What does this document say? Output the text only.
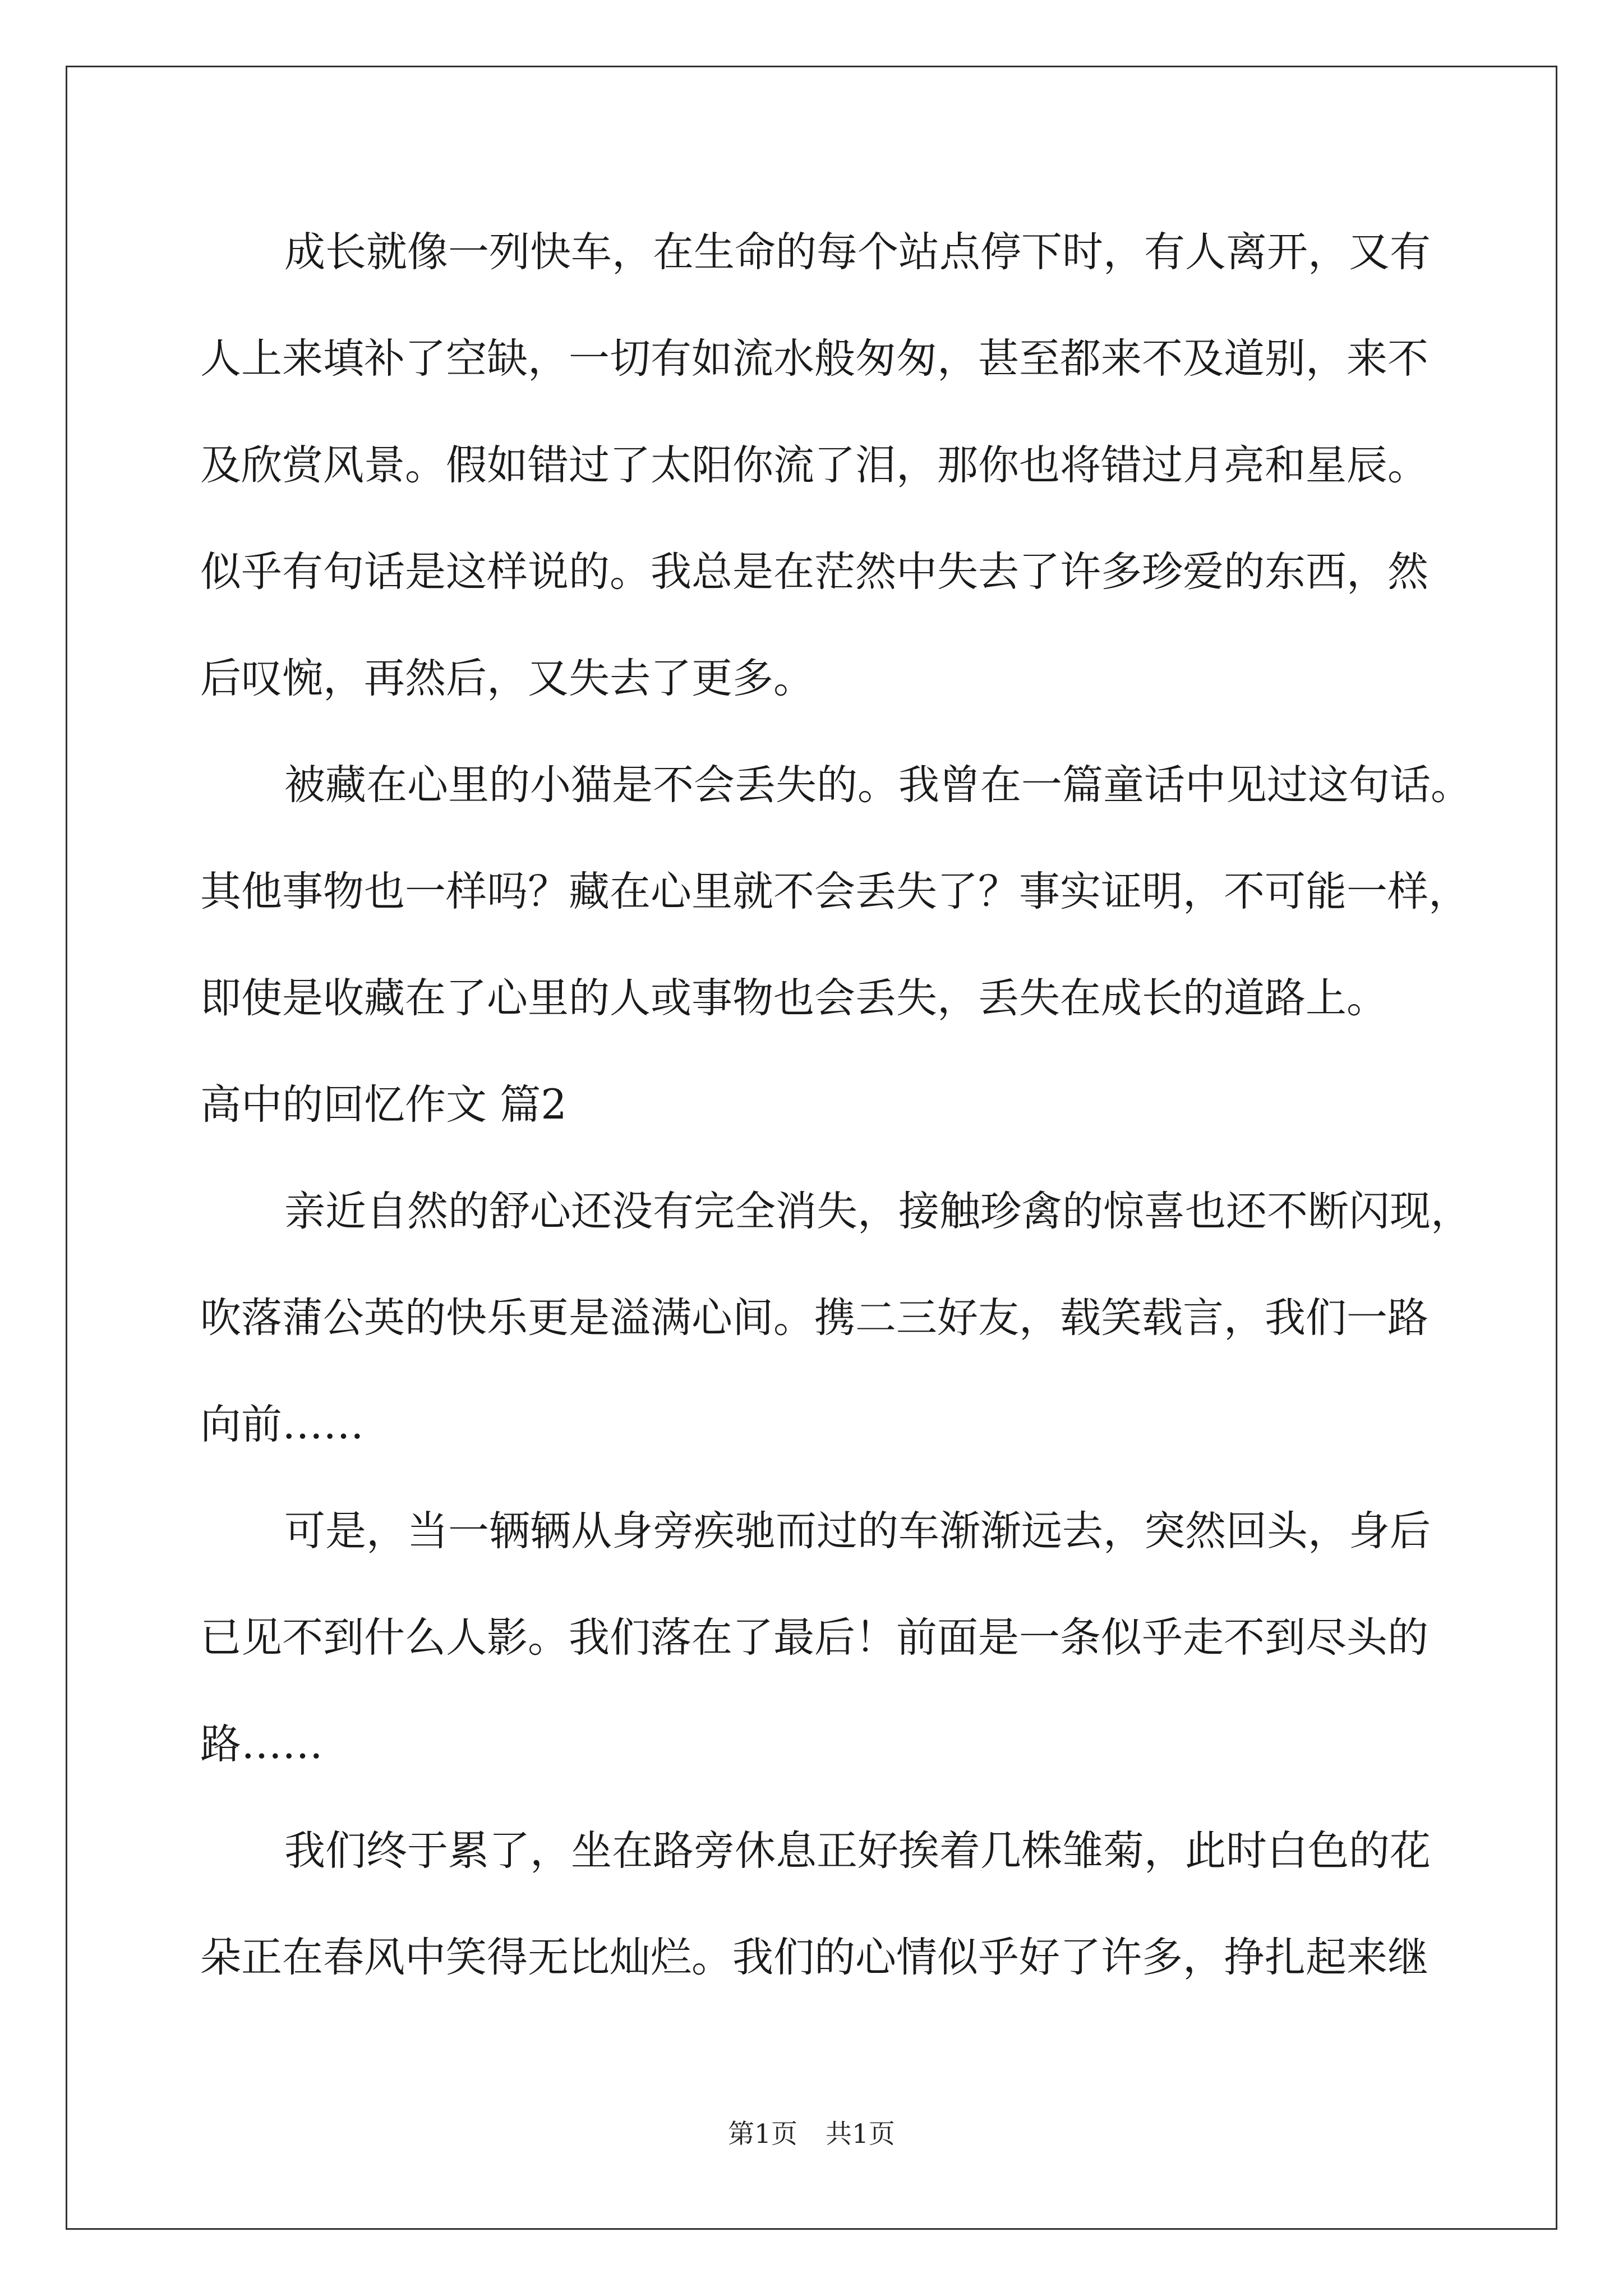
成长就像一列快车，在生命的每个站点停下时，有人离开，又有
人上来填补了空缺，一切有如流水般匆匆，甚至都来不及道别，来不
及欣赏风景。假如错过了太阳你流了泪，那你也将错过月亮和星辰。
似乎有句话是这样说的。我总是在茫然中失去了许多珍爱的东西，然
后叹惋，再然后，又失去了更多。
被藏在心里的小猫是不会丢失的。我曾在一篇童话中见过这句话。
其他事物也一样吗？藏在心里就不会丢失了？事实证明，不可能一样，
即使是收藏在了心里的人或事物也会丢失，丢失在成长的道路上。
高中的回忆作文 篇2
亲近自然的舒心还没有完全消失，接触珍禽的惊喜也还不断闪现，
吹落蒲公英的快乐更是溢满心间。携二三好友，载笑载言，我们一路
向前……
可是，当一辆辆从身旁疾驰而过的车渐渐远去，突然回头，身后
已见不到什么人影。我们落在了最后！前面是一条似乎走不到尽头的
路……
我们终于累了，坐在路旁休息正好挨着几株雏菊，此时白色的花
朵正在春风中笑得无比灿烂。我们的心情似乎好了许多，挣扎起来继
第1页 共1页
